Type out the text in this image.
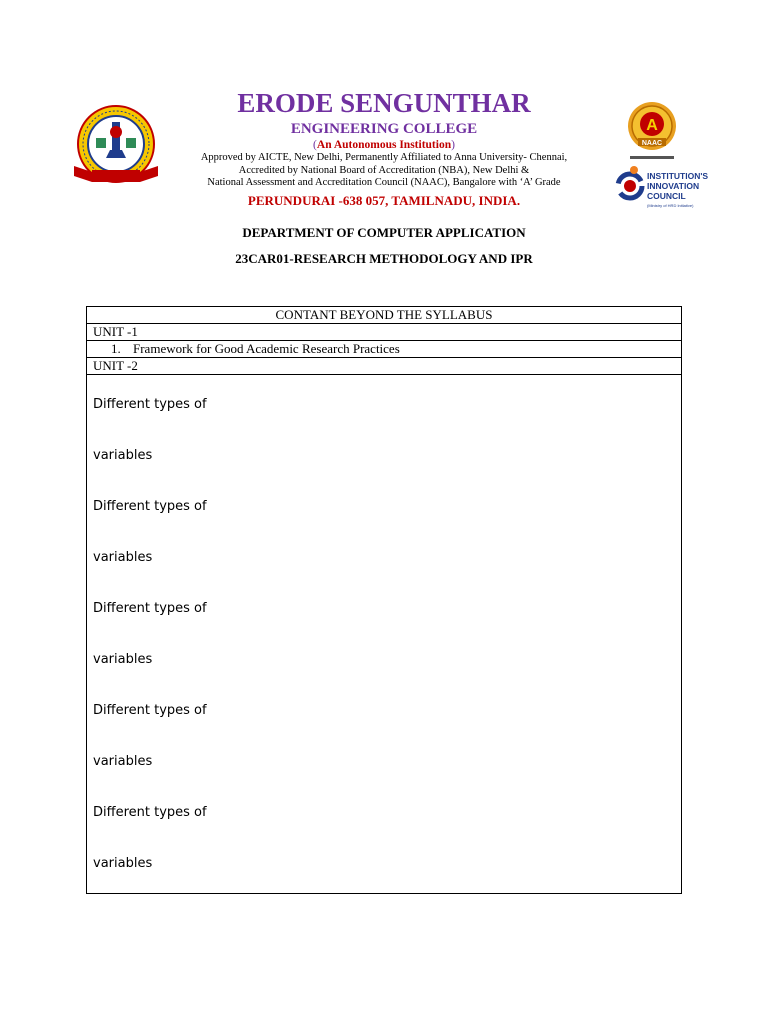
A
NAAC
INSTITUTION'S
INNOVATION
COUNCIL
(Ministry of HRD Initiative)
ERODE SENGUNTHAR
ENGINEERING COLLEGE
(An Autonomous Institution)
Approved by AICTE, New Delhi, Permanently Affiliated to Anna University- Chennai,
Accredited by National Board of Accreditation (NBA), New Delhi &
National Assessment and Accreditation Council (NAAC), Bangalore with ‘A’ Grade
PERUNDURAI -638 057, TAMILNADU, INDIA.
DEPARTMENT OF COMPUTER APPLICATION
23CAR01-RESEARCH METHODOLOGY AND IPR
CONTANT BEYOND THE SYLLABUS
UNIT -1
1. Framework for Good Academic Research Practices
UNIT -2

Different types of
variables
Different types of
variables
Different types of
variables
Different types of
variables
Different types of
variables
